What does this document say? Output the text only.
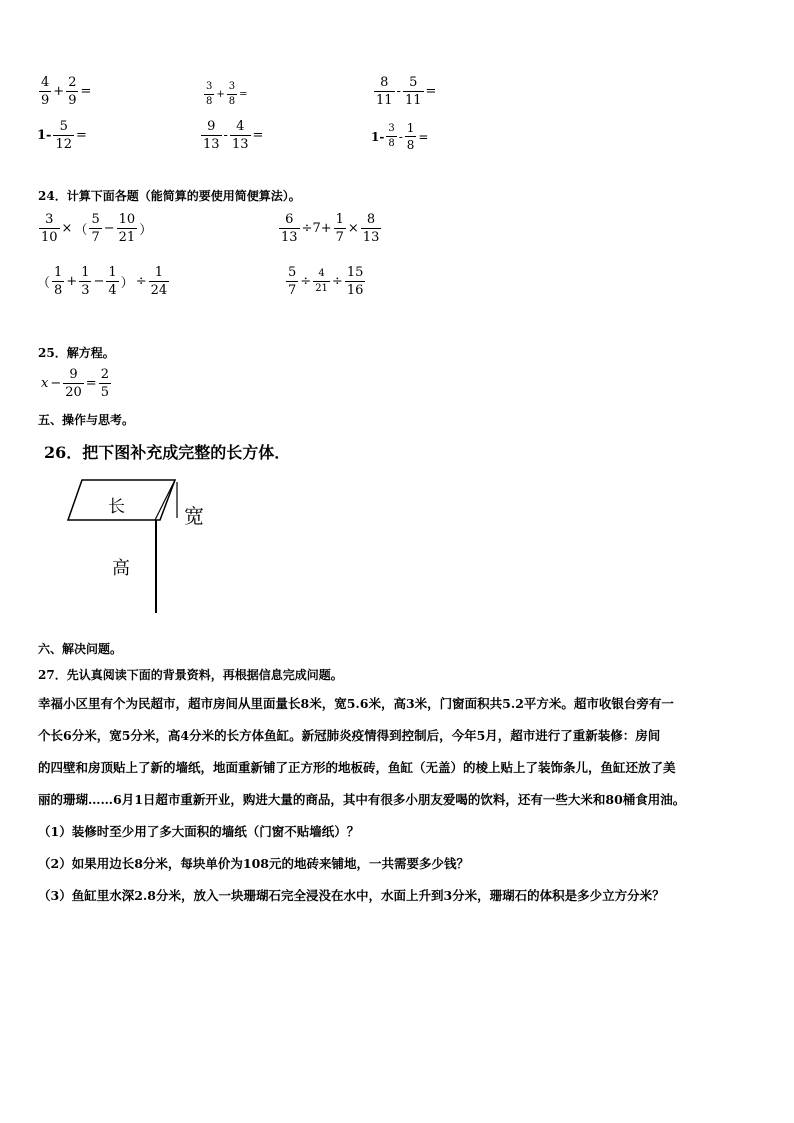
$\frac{4}{9} + \frac{2}{9}$ =	$\frac{3}{8} + \frac{3}{8}$ =	$\frac{8}{11} - \frac{5}{11}$ =
$1- \frac{5}{12}$ =	$\frac{9}{13} - \frac{4}{13}$ =	$1- \frac{3}{8} - \frac{1}{8}$ =
24．计算下面各题（能简算的要使用简便算法）。
$\frac{3}{10}$ × （ $\frac{5}{7} - \frac{10}{21}$ ）	$\frac{6}{13} \div 7+ \frac{1}{7} \times \frac{8}{13}$
（ $\frac{1}{8} + \frac{1}{3} - \frac{1}{4}$ ） ÷ $\frac{1}{24}$	$\frac{5}{7} \div \frac{4}{21} \div \frac{15}{16}$
25．解方程。
$x - \frac{9}{20} = \frac{2}{5}$
五、操作与思考。
26．把下图补充成完整的长方体．
长	宽
高
六、解决问题。
27．先认真阅读下面的背景资料，再根据信息完成问题。
幸福小区里有个为民超市，超市房间从里面量长8米，宽5.6米，高3米，门窗面积共5.2平方米。超市收银台旁有一
个长6分米，宽5分米，高4分米的长方体鱼缸。新冠肺炎疫情得到控制后，今年5月，超市进行了重新装修：房间
的四壁和房顶贴上了新的墙纸，地面重新铺了正方形的地板砖，鱼缸（无盖）的棱上贴上了装饰条儿，鱼缸还放了美
丽的珊瑚……6月1日超市重新开业，购进大量的商品，其中有很多小朋友爱喝的饮料，还有一些大米和80桶食用油。
（1）装修时至少用了多大面积的墙纸（门窗不贴墙纸）？
（2）如果用边长8分米，每块单价为108元的地砖来铺地，一共需要多少钱？
（3）鱼缸里水深2.8分米，放入一块珊瑚石完全浸没在水中，水面上升到3分米，珊瑚石的体积是多少立方分米？
